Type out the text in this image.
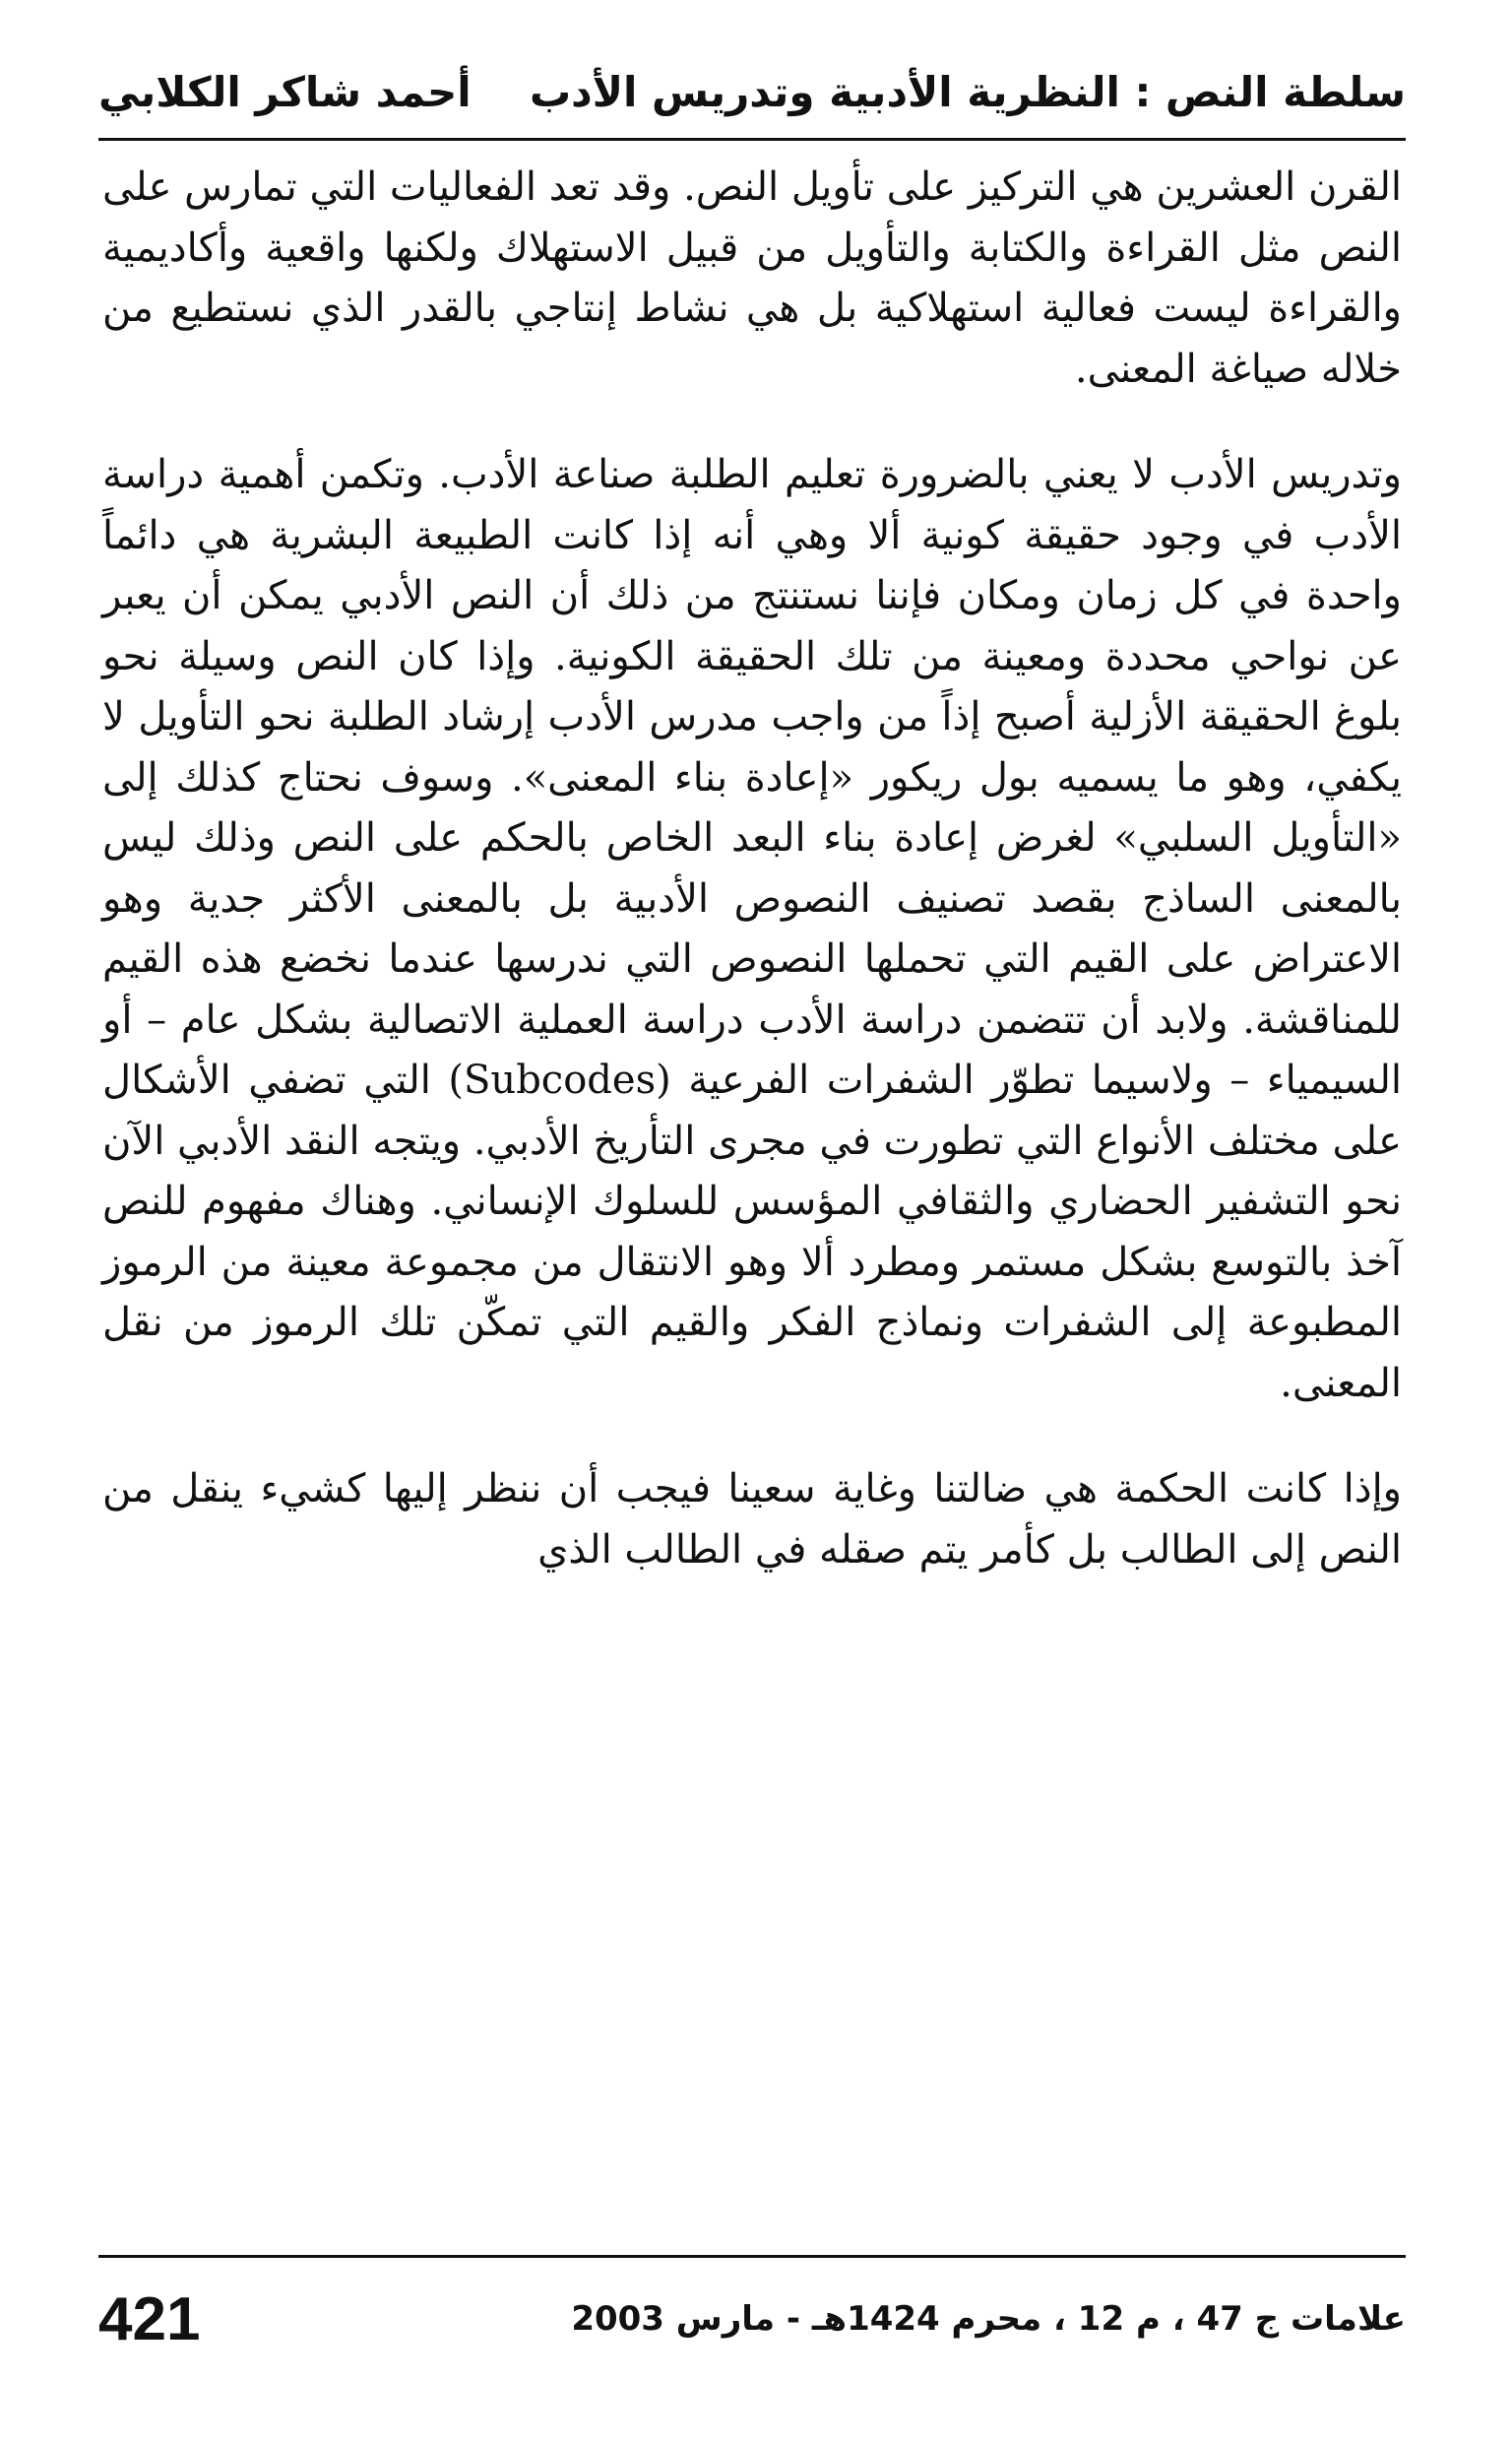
سلطة النص : النظرية الأدبية وتدريس الأدب
أحمد شاكر الكلابي

القرن العشرين هي التركيز على تأويل النص. وقد تعد الفعاليات التي تمارس على النص مثل القراءة والكتابة والتأويل من قبيل الاستهلاك ولكنها واقعية وأكاديمية والقراءة ليست فعالية استهلاكية بل هي نشاط إنتاجي بالقدر الذي نستطيع من خلاله صياغة المعنى.

وتدريس الأدب لا يعني بالضرورة تعليم الطلبة صناعة الأدب. وتكمن أهمية دراسة الأدب في وجود حقيقة كونية ألا وهي أنه إذا كانت الطبيعة البشرية هي دائماً واحدة في كل زمان ومكان فإننا نستنتج من ذلك أن النص الأدبي يمكن أن يعبر عن نواحي محددة ومعينة من تلك الحقيقة الكونية. وإذا كان النص وسيلة نحو بلوغ الحقيقة الأزلية أصبح إذاً من واجب مدرس الأدب إرشاد الطلبة نحو التأويل لا يكفي، وهو ما يسميه بول ريكور «إعادة بناء المعنى». وسوف نحتاج كذلك إلى «التأويل السلبي» لغرض إعادة بناء البعد الخاص بالحكم على النص وذلك ليس بالمعنى الساذج بقصد تصنيف النصوص الأدبية بل بالمعنى الأكثر جدية وهو الاعتراض على القيم التي تحملها النصوص التي ندرسها عندما نخضع هذه القيم للمناقشة. ولابد أن تتضمن دراسة الأدب دراسة العملية الاتصالية بشكل عام – أو السيمياء – ولاسيما تطوّر الشفرات الفرعية (Subcodes) التي تضفي الأشكال على مختلف الأنواع التي تطورت في مجرى التأريخ الأدبي. ويتجه النقد الأدبي الآن نحو التشفير الحضاري والثقافي المؤسس للسلوك الإنساني. وهناك مفهوم للنص آخذ بالتوسع بشكل مستمر ومطرد ألا وهو الانتقال من مجموعة معينة من الرموز المطبوعة إلى الشفرات ونماذج الفكر والقيم التي تمكّن تلك الرموز من نقل المعنى.

وإذا كانت الحكمة هي ضالتنا وغاية سعينا فيجب أن ننظر إليها كشيء ينقل من النص إلى الطالب بل كأمر يتم صقله في الطالب الذي

علامات ج 47 ، م 12 ، محرم 1424هـ - مارس 2003
421
